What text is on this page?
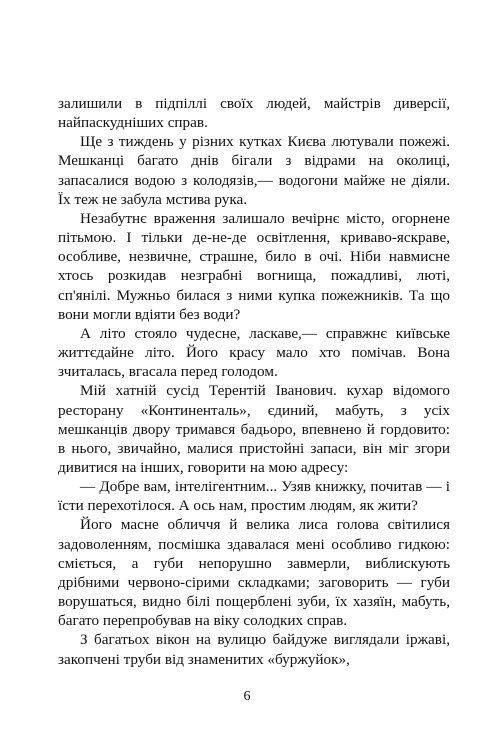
залишили в підпіллі своїх людей, майстрів диверсії, найпаскудніших справ.

Ще з тиждень у різних кутках Києва лютували пожежі. Мешканці багато днів бігали з відрами на околиці, запасалися водою з колодязів,— водогони майже не діяли. Їх теж не забула мстива рука.

Незабутнє враження залишало вечірнє місто, огорнене пітьмою. І тільки де-не-де освітлення, криваво-яскраве, особливе, незвичне, страшне, било в очі. Ніби навмисне хтось розкидав незграбні вогнища, пожадливі, люті, сп'янілі. Мужньо билася з ними купка пожежників. Та що вони могли вдіяти без води?

А літо стояло чудесне, ласкаве,— справжнє київське життєдайне літо. Його красу мало хто помічав. Вона зчиталась, вгасала перед голодом.

Мій хатній сусід Терентій Іванович. кухар відомого ресторану «Континенталь», єдиний, мабуть, з усіх мешканців двору тримався бадьоро, впевнено й гордовито: в нього, звичайно, малися пристойні запаси, він міг згори дивитися на інших, говорити на мою адресу:

— Добре вам, інтелігентним... Узяв книжку, почитав — і їсти перехотілося. А ось нам, простим людям, як жити?

Його масне обличчя й велика лиса голова світилися задоволенням, посмішка здавалася мені особливо гидкою: сміється, а губи непорушно завмерли, виблискують дрібними червоно-сірими складками; заговорить — губи ворушаться, видно білі пощерблені зуби, їх хазяїн, мабуть, багато перепробував на віку солодких справ.

З багатьох вікон на вулицю байдуже виглядали іржаві, закопчені труби від знаменитих «буржуйок»,

6
